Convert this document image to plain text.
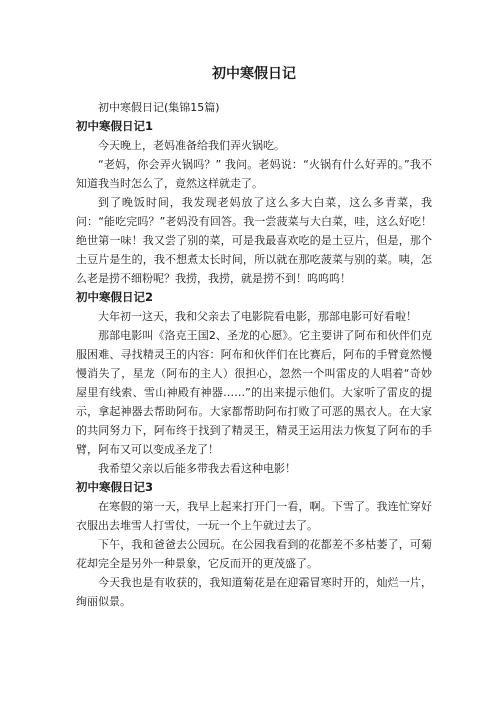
初中寒假日记

初中寒假日记(集锦15篇)

初中寒假日记1

今天晚上，老妈准备给我们弄火锅吃。

“老妈，你会弄火锅吗？” 我问。老妈说：“火锅有什么好弄的。”我不知道我当时怎么了，竟然这样就走了。

到了晚饭时间，我发现老妈放了这么多大白菜，这么多青菜，我问：“能吃完吗？”老妈没有回答。我一尝菠菜与大白菜，哇，这么好吃！绝世第一味！我又尝了别的菜，可是我最喜欢吃的是土豆片，但是，那个土豆片是生的，我不想煮太长时间，所以就在那吃菠菜与别的菜。咦，怎么老是捞不细粉呢？我捞，我捞，就是捞不到！呜呜呜！

初中寒假日记2

大年初一这天，我和父亲去了电影院看电影，那部电影可好看啦！

那部电影叫《洛克王国2、圣龙的心愿》。它主要讲了阿布和伙伴们克服困难、寻找精灵王的内容：阿布和伙伴们在比赛后，阿布的手臂竟然慢慢消失了，星龙（阿布的主人）很担心，忽然一个叫雷皮的人唱着“奇妙屋里有线索、雪山神殿有神器……”的出来提示他们。大家听了雷皮的提示，拿起神器去帮助阿布。大家都帮助阿布打败了可恶的黑衣人。在大家的共同努力下，阿布终于找到了精灵王，精灵王运用法力恢复了阿布的手臂，阿布又可以变成圣龙了！

我希望父亲以后能多带我去看这种电影！

初中寒假日记3

在寒假的第一天，我早上起来打开门一看，啊。下雪了。我连忙穿好衣服出去堆雪人打雪仗，一玩一个上午就过去了。

下午，我和爸爸去公园玩。在公园我看到的花都差不多枯萎了，可菊花却完全是另外一种景象，它反而开的更茂盛了。

今天我也是有收获的，我知道菊花是在迎霜冒寒时开的，灿烂一片，绚丽似景。
